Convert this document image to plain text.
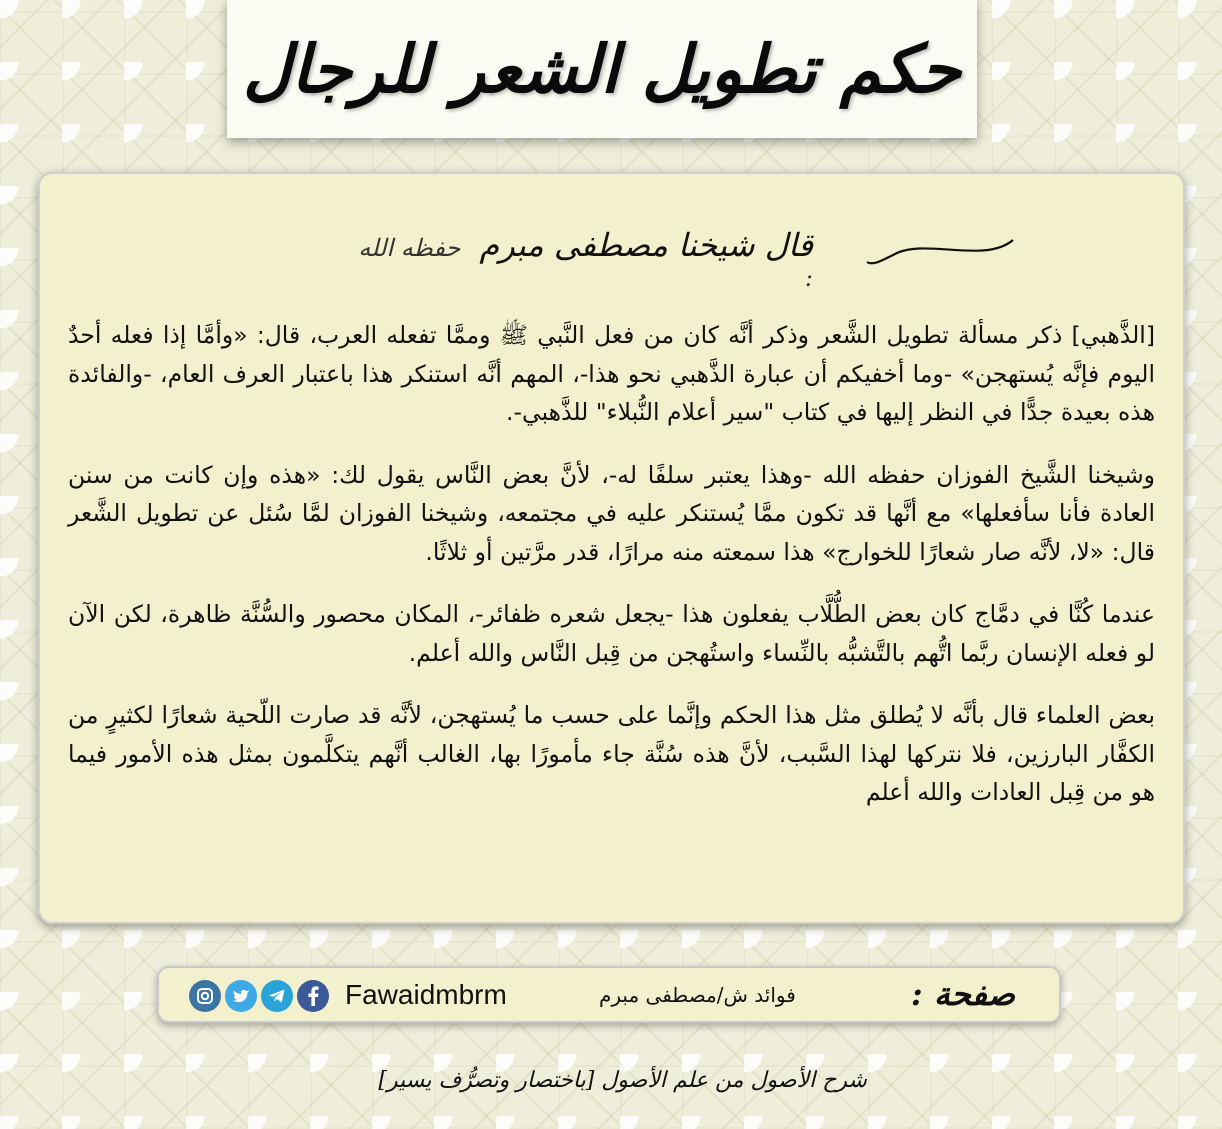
حكم تطويل الشعر للرجال
قال شيخنا مصطفى مبرم حفظه الله :

[الذَّهبي] ذكر مسألة تطويل الشَّعر وذكر أنَّه كان من فعل النَّبي ﷺ وممَّا تفعله العرب، قال: «وأمَّا إذا فعله أحدٌ اليوم فإنَّه يُستهجن» -وما أخفيكم أن عبارة الذَّهبي نحو هذا-، المهم أنَّه استنكر هذا باعتبار العرف العام، -والفائدة هذه بعيدة جدًّا في النظر إليها في كتاب "سير أعلام النُّبلاء" للذَّهبي-.

وشيخنا الشَّيخ الفوزان حفظه الله -وهذا يعتبر سلفًا له-، لأنَّ بعض النَّاس يقول لك: «هذه وإن كانت من سنن العادة فأنا سأفعلها» مع أنَّها قد تكون ممَّا يُستنكر عليه في مجتمعه، وشيخنا الفوزان لمَّا سُئل عن تطويل الشَّعر قال: «لا، لأنَّه صار شعارًا للخوارج» هذا سمعته منه مرارًا، قدر مرَّتين أو ثلاثًا.

عندما كُنَّا في دمَّاج كان بعض الطُّلَّاب يفعلون هذا -يجعل شعره ظفائر-، المكان محصور والسُّنَّة ظاهرة، لكن الآن لو فعله الإنسان ربَّما اتُّهم بالتَّشبُّه بالنِّساء واستُهجن من قِبل النَّاس والله أعلم.

بعض العلماء قال بأنَّه لا يُطلق مثل هذا الحكم وإنَّما على حسب ما يُستهجن، لأنَّه قد صارت اللّحية شعارًا لكثيرٍ من الكفَّار البارزين، فلا نتركها لهذا السَّبب، لأنَّ هذه سُنَّة جاء مأمورًا بها، الغالب أنَّهم يتكلَّمون بمثل هذه الأمور فيما هو من قِبل العادات والله أعلم

صفحة :
فوائد ش/مصطفى مبرم
Fawaidmbrm
شرح الأصول من علم الأصول [باختصار وتصرُّف يسير]
